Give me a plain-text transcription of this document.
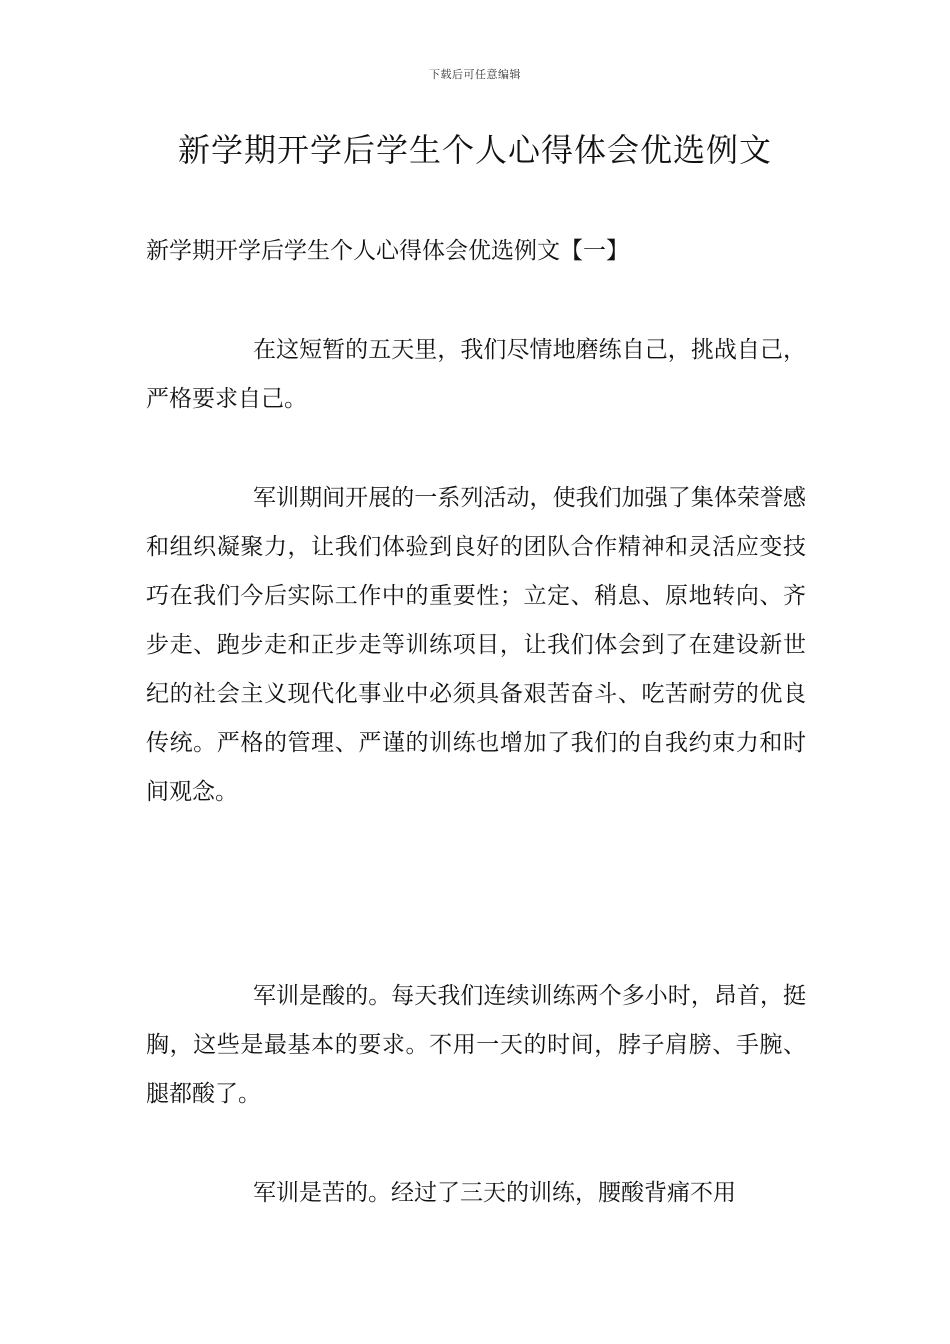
下载后可任意编辑
新学期开学后学生个人心得体会优选例文
新学期开学后学生个人心得体会优选例文【一】

在这短暂的五天里，我们尽情地磨练自己，挑战自己，严格要求自己。

军训期间开展的一系列活动，使我们加强了集体荣誉感和组织凝聚力，让我们体验到良好的团队合作精神和灵活应变技巧在我们今后实际工作中的重要性；立定、稍息、原地转向、齐步走、跑步走和正步走等训练项目，让我们体会到了在建设新世纪的社会主义现代化事业中必须具备艰苦奋斗、吃苦耐劳的优良传统。严格的管理、严谨的训练也增加了我们的自我约束力和时间观念。

军训是酸的。每天我们连续训练两个多小时，昂首，挺胸，这些是最基本的要求。不用一天的时间，脖子肩膀、手腕、腿都酸了。

军训是苦的。经过了三天的训练，腰酸背痛不用
